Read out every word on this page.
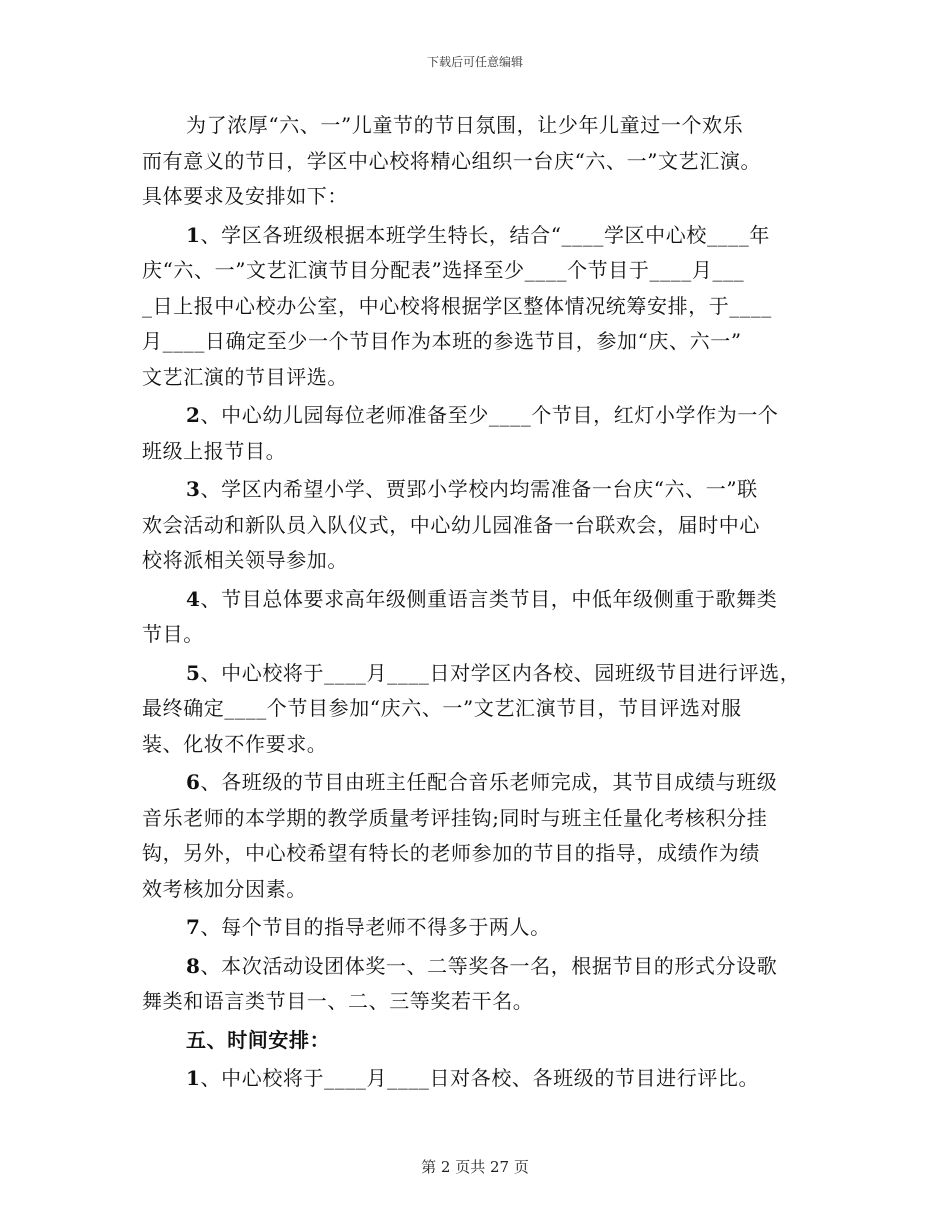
下载后可任意编辑
为了浓厚“六、一”儿童节的节日氛围，让少年儿童过一个欢乐
而有意义的节日，学区中心校将精心组织一台庆“六、一”文艺汇演。
具体要求及安排如下：
1、学区各班级根据本班学生特长，结合“____学区中心校____年
庆“六、一”文艺汇演节目分配表”选择至少____个节目于____月___
_日上报中心校办公室，中心校将根据学区整体情况统筹安排，于____
月____日确定至少一个节目作为本班的参选节目，参加“庆、六一”
文艺汇演的节目评选。
2、中心幼儿园每位老师准备至少____个节目，红灯小学作为一个
班级上报节目。
3、学区内希望小学、贾郢小学校内均需准备一台庆“六、一”联
欢会活动和新队员入队仪式，中心幼儿园准备一台联欢会，届时中心
校将派相关领导参加。
4、节目总体要求高年级侧重语言类节目，中低年级侧重于歌舞类
节目。
5、中心校将于____月____日对学区内各校、园班级节目进行评选，
最终确定____个节目参加“庆六、一”文艺汇演节目，节目评选对服
装、化妆不作要求。
6、各班级的节目由班主任配合音乐老师完成，其节目成绩与班级
音乐老师的本学期的教学质量考评挂钩;同时与班主任量化考核积分挂
钩，另外，中心校希望有特长的老师参加的节目的指导，成绩作为绩
效考核加分因素。
7、每个节目的指导老师不得多于两人。
8、本次活动设团体奖一、二等奖各一名，根据节目的形式分设歌
舞类和语言类节目一、二、三等奖若干名。
五、时间安排：
1、中心校将于____月____日对各校、各班级的节目进行评比。
第 2 页共 27 页
